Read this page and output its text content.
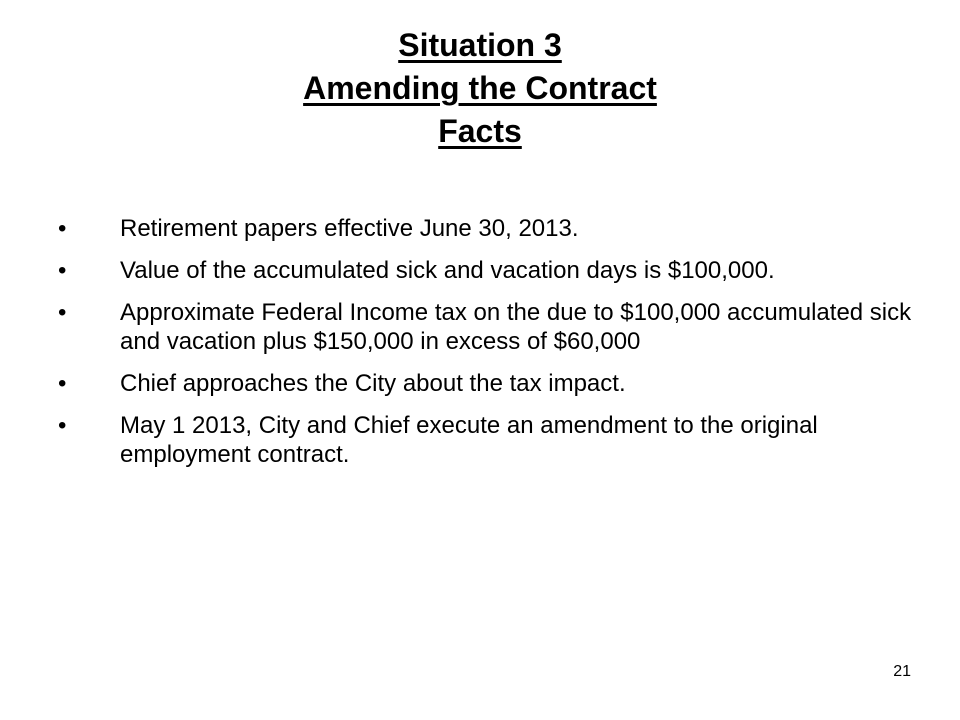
Situation 3
Amending the Contract
Facts
• Retirement papers effective June 30, 2013.
• Value of the accumulated sick and vacation days is $100,000.
• Approximate Federal Income tax on the due to $100,000 accumulated sick and vacation plus $150,000 in excess of $60,000
• Chief approaches the City about the tax impact.
• May 1 2013, City and Chief execute an amendment to the original employment contract.
21
